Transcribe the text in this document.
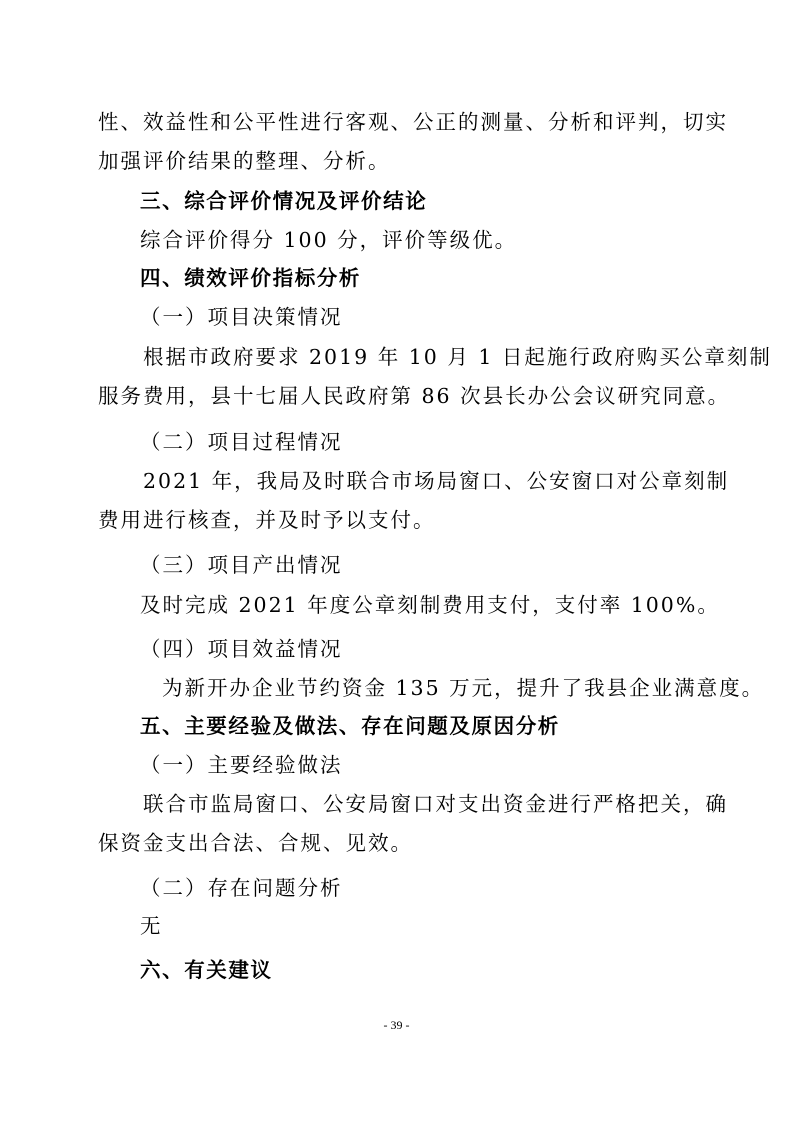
性、效益性和公平性进行客观、公正的测量、分析和评判，切实
加强评价结果的整理、分析。
三、综合评价情况及评价结论
综合评价得分 100 分，评价等级优。
四、绩效评价指标分析
（一）项目决策情况
根据市政府要求 2019 年 10 月 1 日起施行政府购买公章刻制
服务费用，县十七届人民政府第 86 次县长办公会议研究同意。
（二）项目过程情况
2021 年，我局及时联合市场局窗口、公安窗口对公章刻制
费用进行核查，并及时予以支付。
（三）项目产出情况
及时完成 2021 年度公章刻制费用支付，支付率 100%。
（四）项目效益情况
为新开办企业节约资金 135 万元，提升了我县企业满意度。
五、主要经验及做法、存在问题及原因分析
（一）主要经验做法
联合市监局窗口、公安局窗口对支出资金进行严格把关，确
保资金支出合法、合规、见效。
（二）存在问题分析
无
六、有关建议
- 39 -
